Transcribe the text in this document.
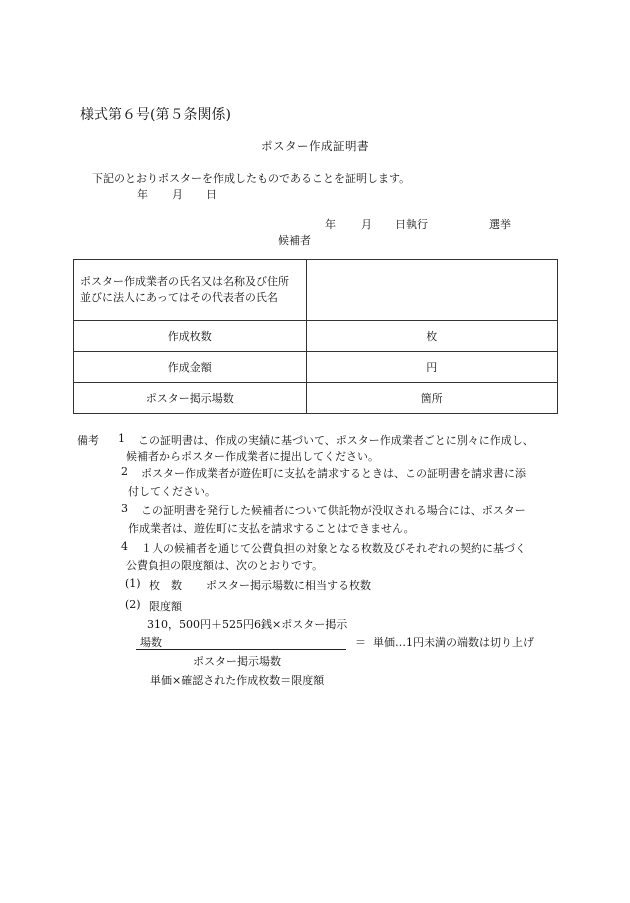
様式第６号(第５条関係)
ポスター作成証明書
下記のとおりポスターを作成したものであることを証明します。
年 月 日
年 月 日執行	選挙
候補者
ポスター作成業者の氏名又は名称及び住所
並びに法人にあってはその代表者の氏名	

作成枚数	枚
作成金額	円
ポスター掲示場数	箇所
備考 1 この証明書は、作成の実績に基づいて、ポスター作成業者ごとに別々に作成し、
候補者からポスター作成業者に提出してください。
2 ポスター作成業者が遊佐町に支払を請求するときは、この証明書を請求書に添
付してください。
3 この証明書を発行した候補者について供託物が没収される場合には、ポスター
作成業者は、遊佐町に支払を請求することはできません。
4 １人の候補者を通じて公費負担の対象となる枚数及びそれぞれの契約に基づく
公費負担の限度額は、次のとおりです。
(1) 枚　数 ポスター掲示場数に相当する枚数
(2) 限度額
310，500円＋525円6銭×ポスター掲示
場数	＝ 単価…1円未満の端数は切り上げ
ポスター掲示場数
単価×確認された作成枚数＝限度額
